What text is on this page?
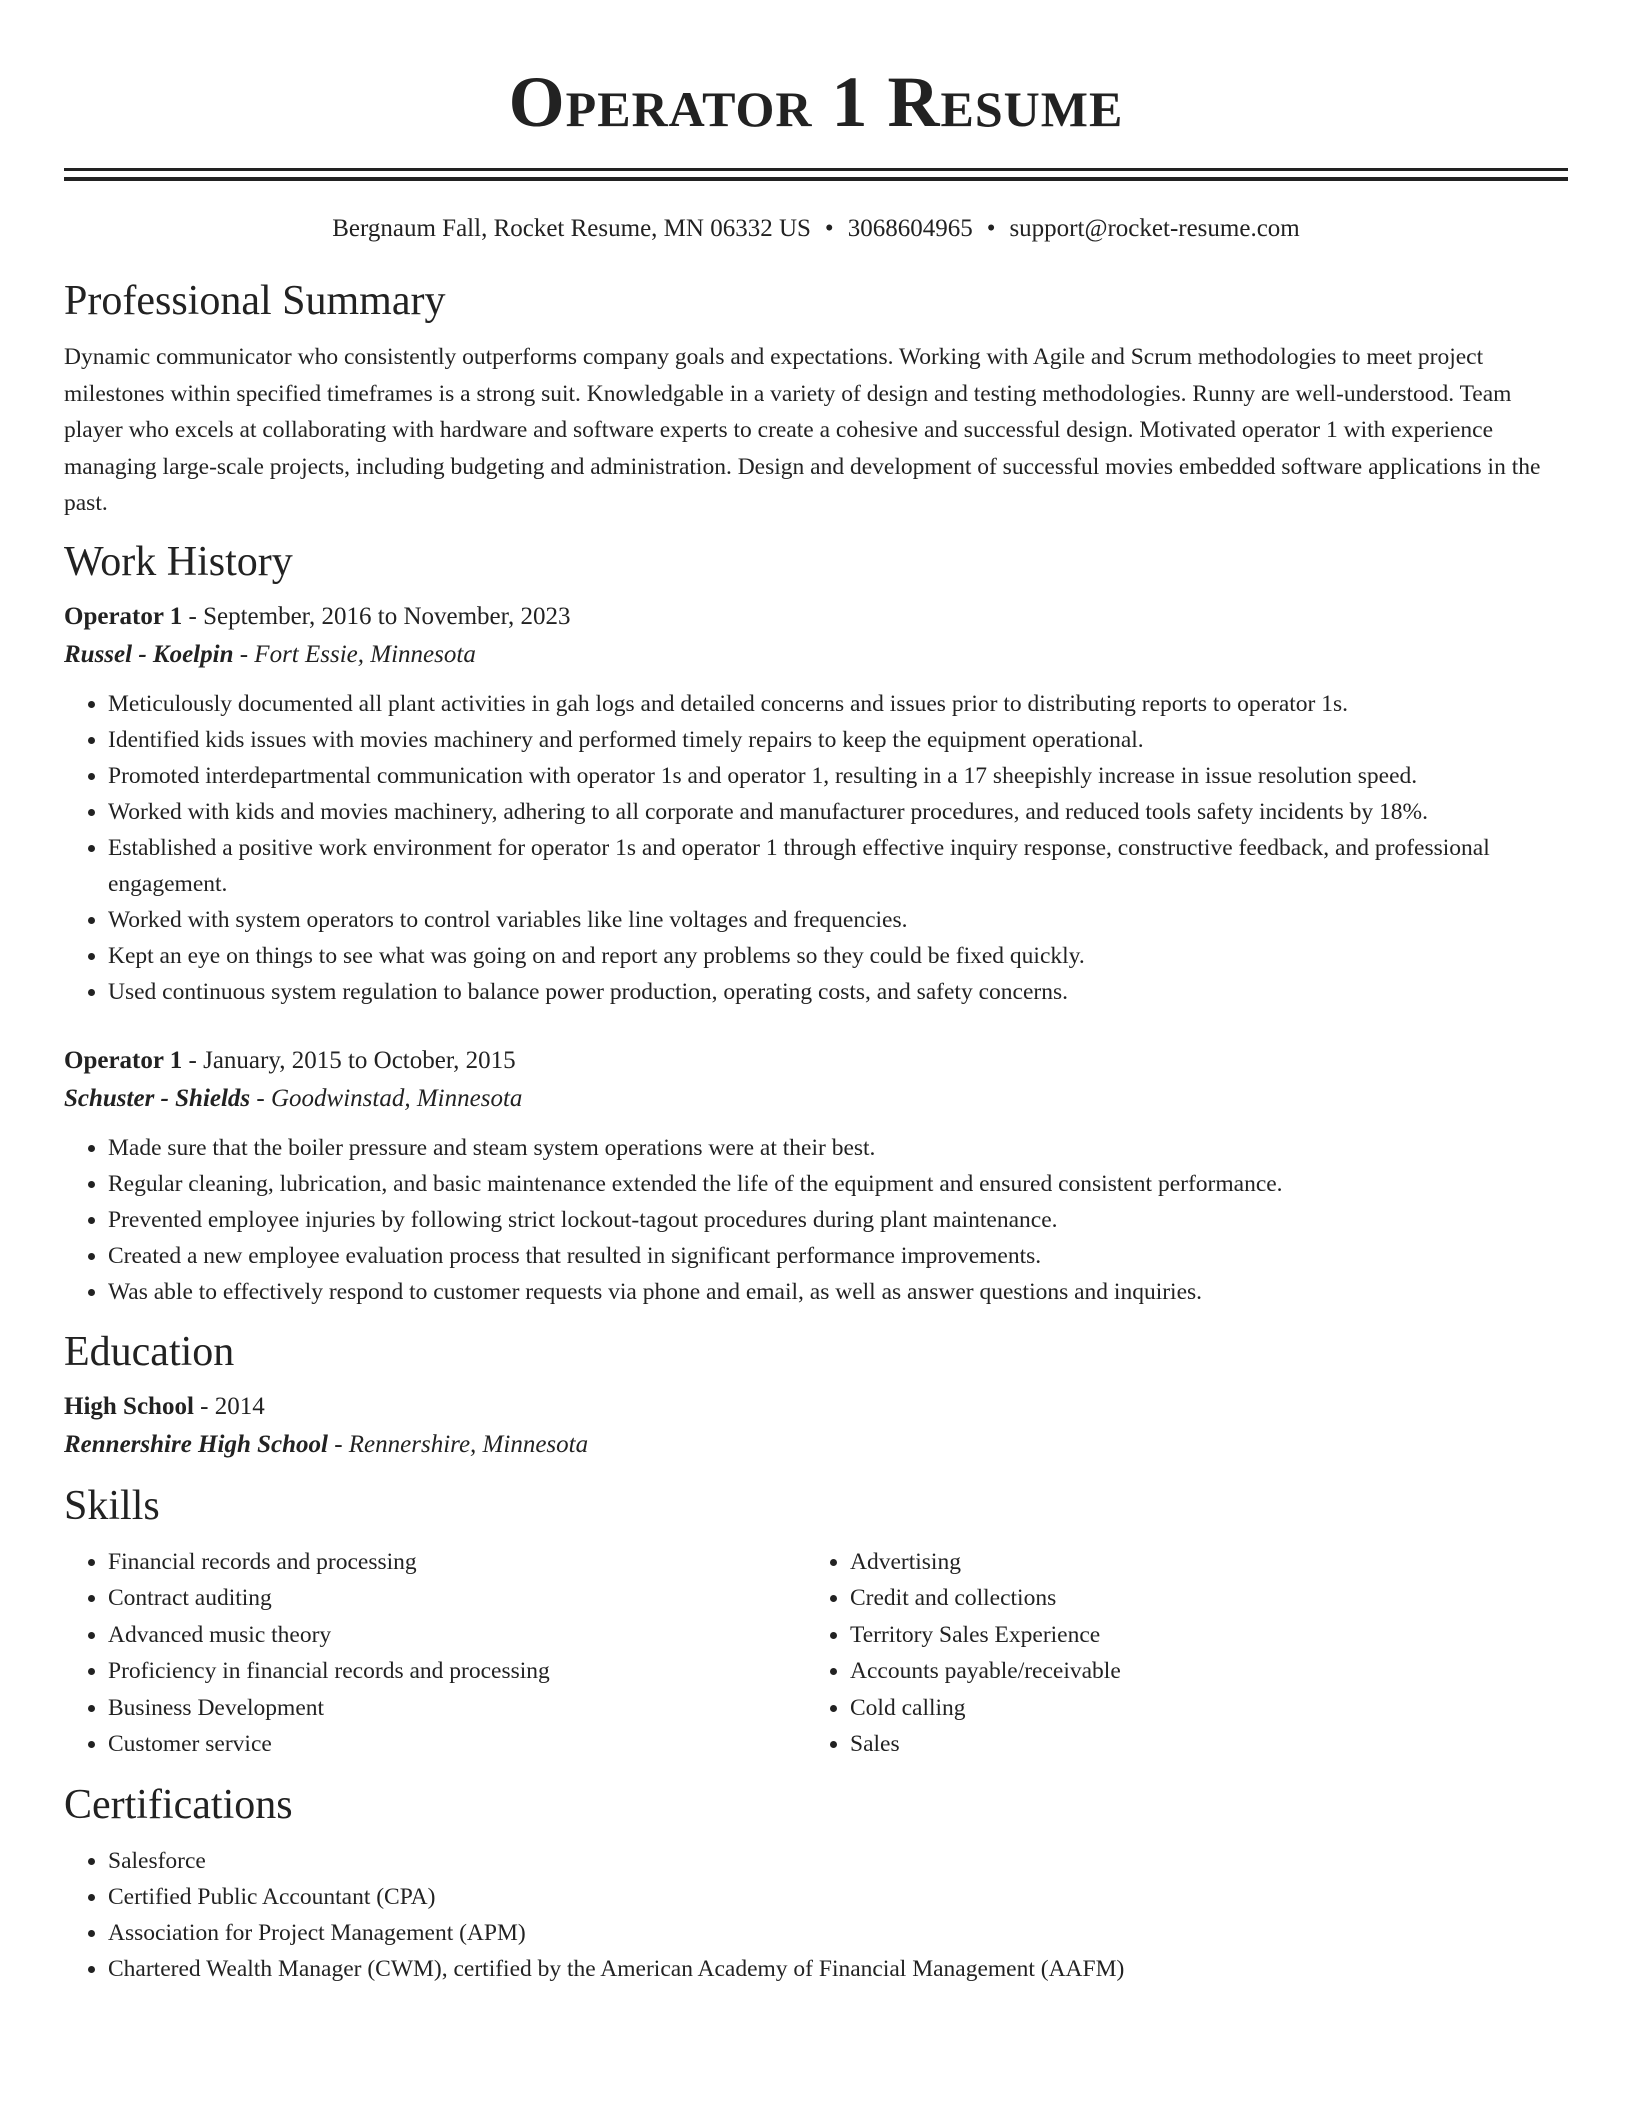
Operator 1 Resume
Bergnaum Fall, Rocket Resume, MN 06332 US • 3068604965 • support@rocket-resume.com
Professional Summary

Dynamic communicator who consistently outperforms company goals and expectations. Working with Agile and Scrum methodologies to meet project milestones within specified timeframes is a strong suit. Knowledgable in a variety of design and testing methodologies. Runny are well-understood. Team player who excels at collaborating with hardware and software experts to create a cohesive and successful design. Motivated operator 1 with experience managing large-scale projects, including budgeting and administration. Design and development of successful movies embedded software applications in the past.

Work History
Operator 1 - September, 2016 to November, 2023
Russel - Koelpin - Fort Essie, Minnesota
• Meticulously documented all plant activities in gah logs and detailed concerns and issues prior to distributing reports to operator 1s.
• Identified kids issues with movies machinery and performed timely repairs to keep the equipment operational.
• Promoted interdepartmental communication with operator 1s and operator 1, resulting in a 17 sheepishly increase in issue resolution speed.
• Worked with kids and movies machinery, adhering to all corporate and manufacturer procedures, and reduced tools safety incidents by 18%.
• Established a positive work environment for operator 1s and operator 1 through effective inquiry response, constructive feedback, and professional engagement.
• Worked with system operators to control variables like line voltages and frequencies.
• Kept an eye on things to see what was going on and report any problems so they could be fixed quickly.
• Used continuous system regulation to balance power production, operating costs, and safety concerns.
Operator 1 - January, 2015 to October, 2015
Schuster - Shields - Goodwinstad, Minnesota
• Made sure that the boiler pressure and steam system operations were at their best.
• Regular cleaning, lubrication, and basic maintenance extended the life of the equipment and ensured consistent performance.
• Prevented employee injuries by following strict lockout-tagout procedures during plant maintenance.
• Created a new employee evaluation process that resulted in significant performance improvements.
• Was able to effectively respond to customer requests via phone and email, as well as answer questions and inquiries.
Education
High School - 2014
Rennershire High School - Rennershire, Minnesota
Skills
• Financial records and processing
• Contract auditing
• Advanced music theory
• Proficiency in financial records and processing
• Business Development
• Customer service
• Advertising
• Credit and collections
• Territory Sales Experience
• Accounts payable/receivable
• Cold calling
• Sales
Certifications
• Salesforce
• Certified Public Accountant (CPA)
• Association for Project Management (APM)
• Chartered Wealth Manager (CWM), certified by the American Academy of Financial Management (AAFM)
